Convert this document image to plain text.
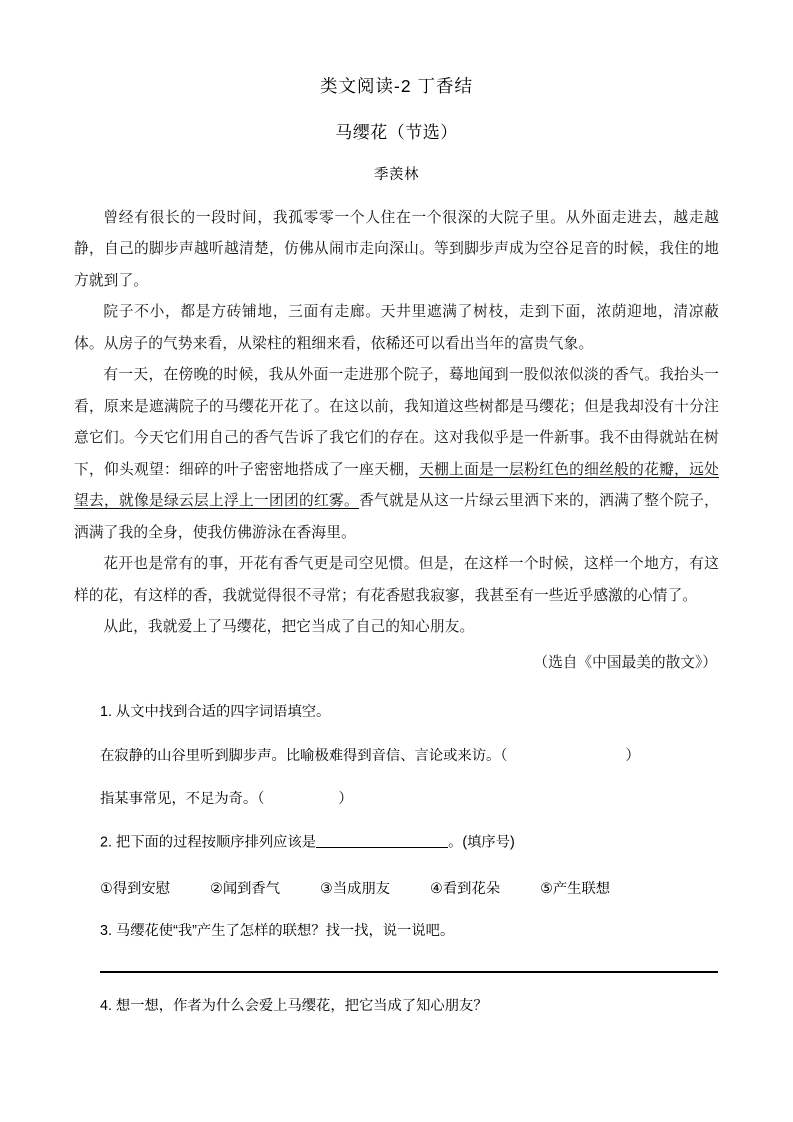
类文阅读-2 丁香结
马缨花（节选）
季羡林

曾经有很长的一段时间，我孤零零一个人住在一个很深的大院子里。从外面走进去，越走越静，自己的脚步声越听越清楚，仿佛从闹市走向深山。等到脚步声成为空谷足音的时候，我住的地方就到了。

院子不小，都是方砖铺地，三面有走廊。天井里遮满了树枝，走到下面，浓荫迎地，清凉蔽体。从房子的气势来看，从梁柱的粗细来看，依稀还可以看出当年的富贵气象。

有一天，在傍晚的时候，我从外面一走进那个院子，蓦地闻到一股似浓似淡的香气。我抬头一看，原来是遮满院子的马缨花开花了。在这以前，我知道这些树都是马缨花；但是我却没有十分注意它们。今天它们用自己的香气告诉了我它们的存在。这对我似乎是一件新事。我不由得就站在树下，仰头观望：细碎的叶子密密地搭成了一座天棚，天棚上面是一层粉红色的细丝般的花瓣，远处望去，就像是绿云层上浮上一团团的红雾。香气就是从这一片绿云里洒下来的，洒满了整个院子，洒满了我的全身，使我仿佛游泳在香海里。

花开也是常有的事，开花有香气更是司空见惯。但是，在这样一个时候，这样一个地方，有这样的花，有这样的香，我就觉得很不寻常；有花香慰我寂寥，我甚至有一些近乎感激的心情了。

从此，我就爱上了马缨花，把它当成了自己的知心朋友。

（选自《中国最美的散文》）

1. 从文中找到合适的四字词语填空。
在寂静的山谷里听到脚步声。比喻极难得到音信、言论或来访。（	）
指某事常见，不足为奇。（	）
2. 把下面的过程按顺序排列应该是	。(填序号)
①得到安慰	②闻到香气	③当成朋友	④看到花朵	⑤产生联想
3. 马缨花使“我”产生了怎样的联想？找一找，说一说吧。
4. 想一想，作者为什么会爱上马缨花，把它当成了知心朋友？
